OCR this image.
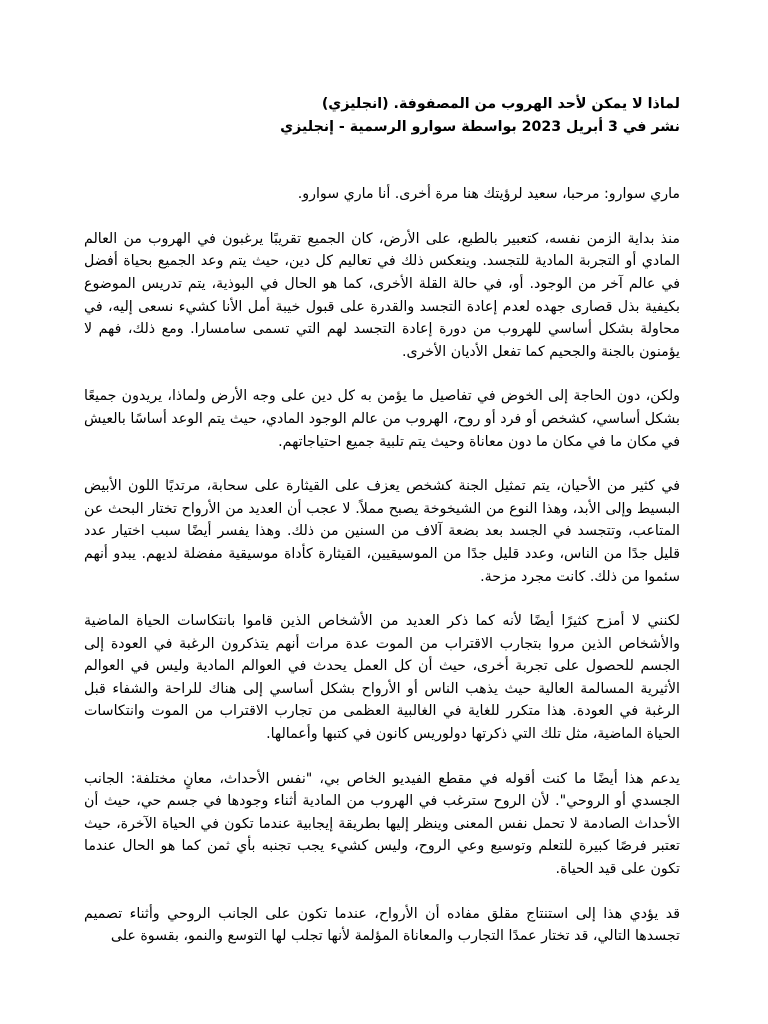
لماذا لا يمكن لأحد الهروب من المصفوفة. (انجليزي)

نشر في 3 أبريل 2023 بواسطة سوارو الرسمية - إنجليزي

ماري سوارو: مرحبا، سعيد لرؤيتك هنا مرة أخرى. أنا ماري سوارو.

منذ بداية الزمن نفسه، كتعبير بالطبع، على الأرض، كان الجميع تقريبًا يرغبون في الهروب من العالم المادي أو التجربة المادية للتجسد. وينعكس ذلك في تعاليم كل دين، حيث يتم وعد الجميع بحياة أفضل في عالم آخر من الوجود. أو، في حالة القلة الأخرى، كما هو الحال في البوذية، يتم تدريس الموضوع بكيفية بذل قصارى جهده لعدم إعادة التجسد والقدرة على قبول خيبة أمل الأنا كشيء نسعى إليه، في محاولة بشكل أساسي للهروب من دورة إعادة التجسد لهم التي تسمى سامسارا. ومع ذلك، فهم لا يؤمنون بالجنة والجحيم كما تفعل الأديان الأخرى.

ولكن، دون الحاجة إلى الخوض في تفاصيل ما يؤمن به كل دين على وجه الأرض ولماذا، يريدون جميعًا بشكل أساسي، كشخص أو فرد أو روح، الهروب من عالم الوجود المادي، حيث يتم الوعد أساسًا بالعيش في مكان ما في مكان ما دون معاناة وحيث يتم تلبية جميع احتياجاتهم.

في كثير من الأحيان، يتم تمثيل الجنة كشخص يعزف على القيثارة على سحابة، مرتديًا اللون الأبيض البسيط وإلى الأبد، وهذا النوع من الشيخوخة يصبح مملاً. لا عجب أن العديد من الأرواح تختار البحث عن المتاعب، وتتجسد في الجسد بعد بضعة آلاف من السنين من ذلك. وهذا يفسر أيضًا سبب اختيار عدد قليل جدًا من الناس، وعدد قليل جدًا من الموسيقيين، القيثارة كأداة موسيقية مفضلة لديهم. يبدو أنهم سئموا من ذلك. كانت مجرد مزحة.

لكنني لا أمزح كثيرًا أيضًا لأنه كما ذكر العديد من الأشخاص الذين قاموا بانتكاسات الحياة الماضية والأشخاص الذين مروا بتجارب الاقتراب من الموت عدة مرات أنهم يتذكرون الرغبة في العودة إلى الجسم للحصول على تجربة أخرى، حيث أن كل العمل يحدث في العوالم المادية وليس في العوالم الأثيرية المسالمة العالية حيث يذهب الناس أو الأرواح بشكل أساسي إلى هناك للراحة والشفاء قبل الرغبة في العودة. هذا متكرر للغاية في الغالبية العظمى من تجارب الاقتراب من الموت وانتكاسات الحياة الماضية، مثل تلك التي ذكرتها دولوريس كانون في كتبها وأعمالها.

يدعم هذا أيضًا ما كنت أقوله في مقطع الفيديو الخاص بي، "نفس الأحداث، معانٍ مختلفة: الجانب الجسدي أو الروحي". لأن الروح سترغب في الهروب من المادية أثناء وجودها في جسم حي، حيث أن الأحداث الصادمة لا تحمل نفس المعنى وينظر إليها بطريقة إيجابية عندما تكون في الحياة الآخرة، حيث تعتبر فرصًا كبيرة للتعلم وتوسيع وعي الروح، وليس كشيء يجب تجنبه بأي ثمن كما هو الحال عندما تكون على قيد الحياة.

قد يؤدي هذا إلى استنتاج مقلق مفاده أن الأرواح، عندما تكون على الجانب الروحي وأثناء تصميم تجسدها التالي، قد تختار عمدًا التجارب والمعاناة المؤلمة لأنها تجلب لها التوسع والنمو، بقسوة على
